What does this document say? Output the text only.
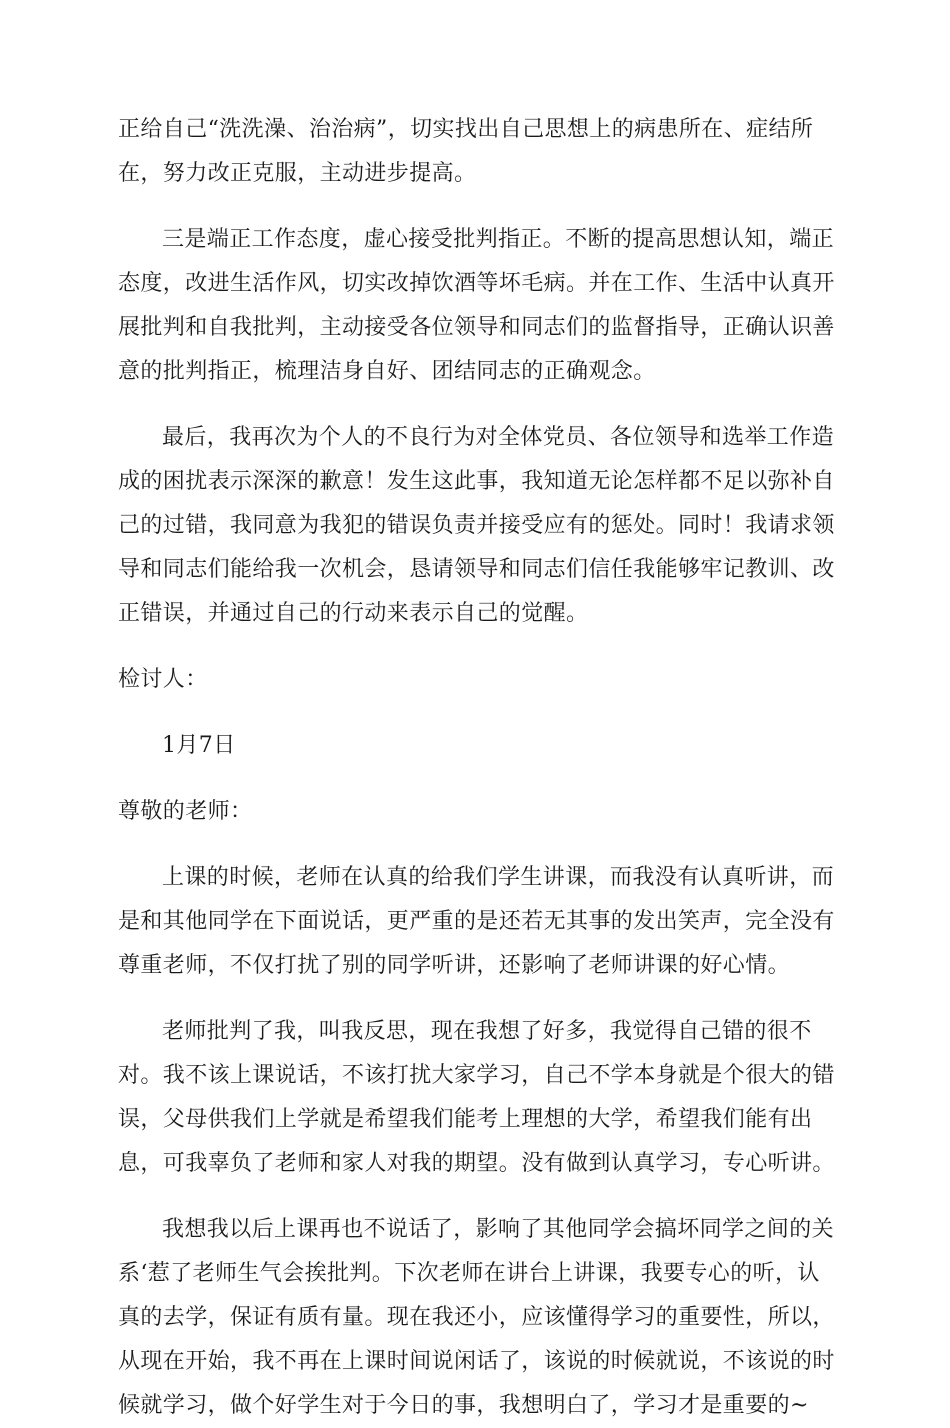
正给自己“洗洗澡、治治病”，切实找出自己思想上的病患所在、症结所
在，努力改正克服，主动进步提高。

三是端正工作态度，虚心接受批判指正。不断的提高思想认知，端正
态度，改进生活作风，切实改掉饮酒等坏毛病。并在工作、生活中认真开
展批判和自我批判，主动接受各位领导和同志们的监督指导，正确认识善
意的批判指正，梳理洁身自好、团结同志的正确观念。

最后，我再次为个人的不良行为对全体党员、各位领导和选举工作造
成的困扰表示深深的歉意！发生这此事，我知道无论怎样都不足以弥补自
己的过错，我同意为我犯的错误负责并接受应有的惩处。同时！我请求领
导和同志们能给我一次机会，恳请领导和同志们信任我能够牢记教训、改
正错误，并通过自己的行动来表示自己的觉醒。

检讨人：

1月7日

尊敬的老师：

上课的时候，老师在认真的给我们学生讲课，而我没有认真听讲，而
是和其他同学在下面说话，更严重的是还若无其事的发出笑声，完全没有
尊重老师，不仅打扰了别的同学听讲，还影响了老师讲课的好心情。

老师批判了我，叫我反思，现在我想了好多，我觉得自己错的很不
对。我不该上课说话，不该打扰大家学习，自己不学本身就是个很大的错
误，父母供我们上学就是希望我们能考上理想的大学，希望我们能有出
息，可我辜负了老师和家人对我的期望。没有做到认真学习，专心听讲。

我想我以后上课再也不说话了，影响了其他同学会搞坏同学之间的关
系‘惹了老师生气会挨批判。下次老师在讲台上讲课，我要专心的听，认
真的去学，保证有质有量。现在我还小，应该懂得学习的重要性，所以，
从现在开始，我不再在上课时间说闲话了，该说的时候就说，不该说的时
候就学习，做个好学生对于今日的事，我想明白了，学习才是重要的~
